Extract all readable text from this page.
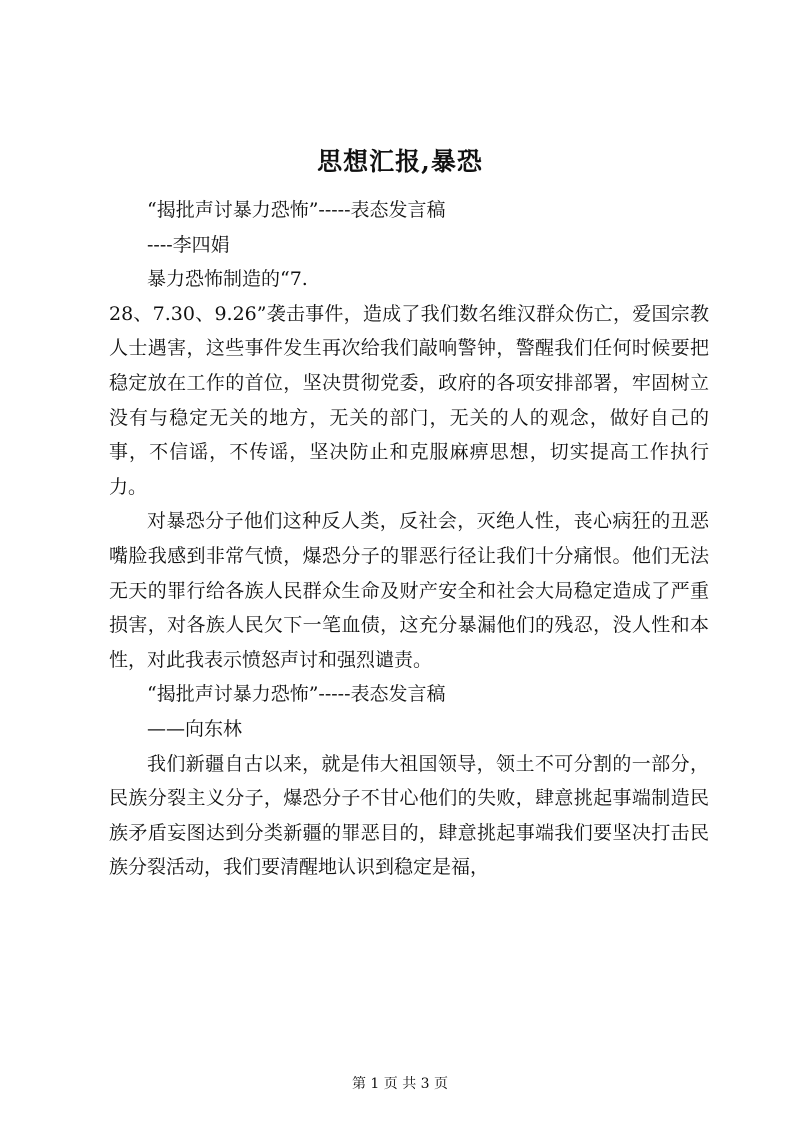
思想汇报,暴恐

“揭批声讨暴力恐怖”-----表态发言稿

----李四娟

暴力恐怖制造的“7.

28、7.30、9.26”袭击事件，造成了我们数名维汉群众伤亡，爱国宗教人士遇害，这些事件发生再次给我们敲响警钟，警醒我们任何时候要把稳定放在工作的首位，坚决贯彻党委，政府的各项安排部署，牢固树立没有与稳定无关的地方，无关的部门，无关的人的观念，做好自己的事，不信谣，不传谣，坚决防止和克服麻痹思想，切实提高工作执行力。

对暴恐分子他们这种反人类，反社会，灭绝人性，丧心病狂的丑恶嘴脸我感到非常气愤，爆恐分子的罪恶行径让我们十分痛恨。他们无法无天的罪行给各族人民群众生命及财产安全和社会大局稳定造成了严重损害，对各族人民欠下一笔血债，这充分暴漏他们的残忍，没人性和本性，对此我表示愤怒声讨和强烈谴责。

“揭批声讨暴力恐怖”-----表态发言稿

——向东林

我们新疆自古以来，就是伟大祖国领导，领土不可分割的一部分，民族分裂主义分子，爆恐分子不甘心他们的失败，肆意挑起事端制造民族矛盾妄图达到分类新疆的罪恶目的，肆意挑起事端我们要坚决打击民族分裂活动，我们要清醒地认识到稳定是福，

第 1 页 共 3 页
